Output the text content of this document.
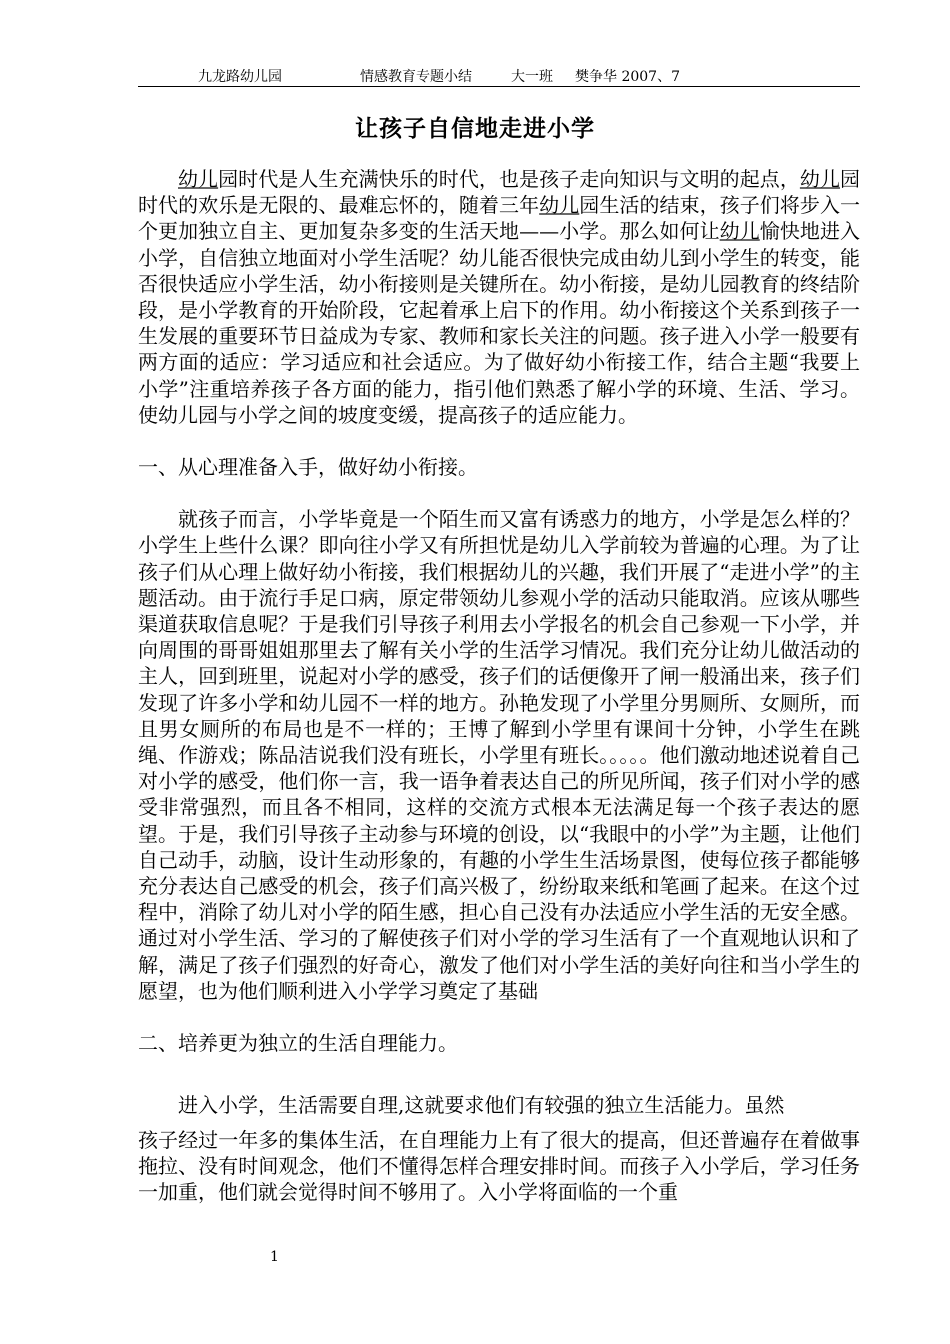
九龙路幼儿园	情感教育专题小结	大一班 樊争华 2007、7
让孩子自信地走进小学

幼儿园时代是人生充满快乐的时代，也是孩子走向知识与文明的起点，幼儿园时代的欢乐是无限的、最难忘怀的，随着三年幼儿园生活的结束，孩子们将步入一个更加独立自主、更加复杂多变的生活天地——小学。那么如何让幼儿愉快地进入小学，自信独立地面对小学生活呢？幼儿能否很快完成由幼儿到小学生的转变，能否很快适应小学生活，幼小衔接则是关键所在。幼小衔接，是幼儿园教育的终结阶段，是小学教育的开始阶段，它起着承上启下的作用。幼小衔接这个关系到孩子一生发展的重要环节日益成为专家、教师和家长关注的问题。孩子进入小学一般要有两方面的适应：学习适应和社会适应。为了做好幼小衔接工作，结合主题“我要上小学”注重培养孩子各方面的能力，指引他们熟悉了解小学的环境、生活、学习。使幼儿园与小学之间的坡度变缓，提高孩子的适应能力。

一、从心理准备入手，做好幼小衔接。

就孩子而言，小学毕竟是一个陌生而又富有诱惑力的地方，小学是怎么样的？小学生上些什么课？即向往小学又有所担忧是幼儿入学前较为普遍的心理。为了让孩子们从心理上做好幼小衔接，我们根据幼儿的兴趣，我们开展了“走进小学”的主题活动。由于流行手足口病，原定带领幼儿参观小学的活动只能取消。应该从哪些渠道获取信息呢？于是我们引导孩子利用去小学报名的机会自己参观一下小学，并向周围的哥哥姐姐那里去了解有关小学的生活学习情况。我们充分让幼儿做活动的主人，回到班里，说起对小学的感受，孩子们的话便像开了闸一般涌出来，孩子们发现了许多小学和幼儿园不一样的地方。孙艳发现了小学里分男厕所、女厕所，而且男女厕所的布局也是不一样的；王博了解到小学里有课间十分钟，小学生在跳绳、作游戏；陈品洁说我们没有班长，小学里有班长。。。。。他们激动地述说着自己对小学的感受，他们你一言，我一语争着表达自己的所见所闻，孩子们对小学的感受非常强烈，而且各不相同，这样的交流方式根本无法满足每一个孩子表达的愿望。于是，我们引导孩子主动参与环境的创设，以“我眼中的小学”为主题，让他们自己动手，动脑，设计生动形象的，有趣的小学生生活场景图，使每位孩子都能够充分表达自己感受的机会，孩子们高兴极了，纷纷取来纸和笔画了起来。在这个过程中，消除了幼儿对小学的陌生感，担心自己没有办法适应小学生活的无安全感。通过对小学生活、学习的了解使孩子们对小学的学习生活有了一个直观地认识和了解，满足了孩子们强烈的好奇心，激发了他们对小学生活的美好向往和当小学生的愿望，也为他们顺利进入小学学习奠定了基础

二、培养更为独立的生活自理能力。

进入小学，生活需要自理,这就要求他们有较强的独立生活能力。虽然

孩子经过一年多的集体生活，在自理能力上有了很大的提高，但还普遍存在着做事拖拉、没有时间观念，他们不懂得怎样合理安排时间。而孩子入小学后，学习任务一加重，他们就会觉得时间不够用了。入小学将面临的一个重

1
